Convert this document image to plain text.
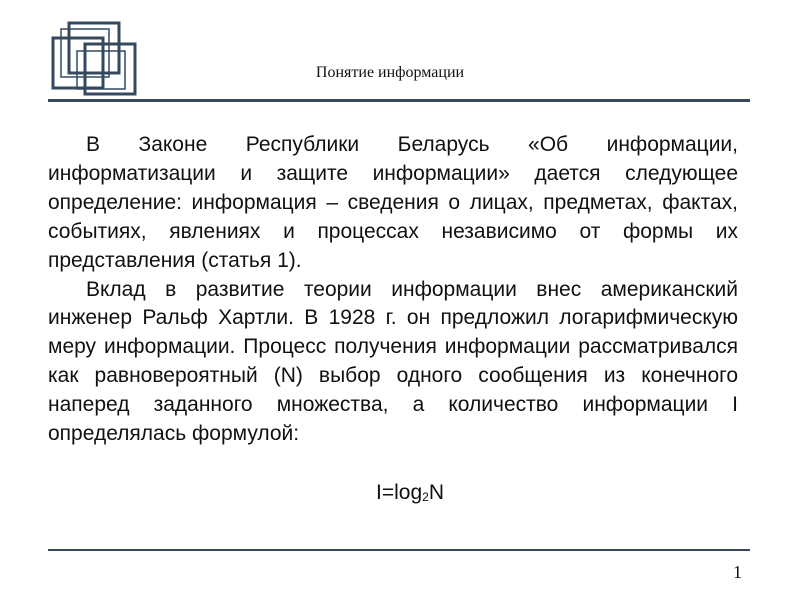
Понятие информации

В Законе Республики Беларусь «Об информации, информатизации и защите информации» дается следующее определение: информация – сведения о лицах, предметах, фактах, событиях, явлениях и процессах независимо от формы их представления (статья 1).

Вклад в развитие теории информации внес американский инженер Ральф Хартли. В 1928 г. он предложил логарифмическую меру информации. Процесс получения информации рассматривался как равновероятный (N) выбор одного сообщения из конечного наперед заданного множества, а количество информации I определялась формулой:

$I=\log_2N$
1
